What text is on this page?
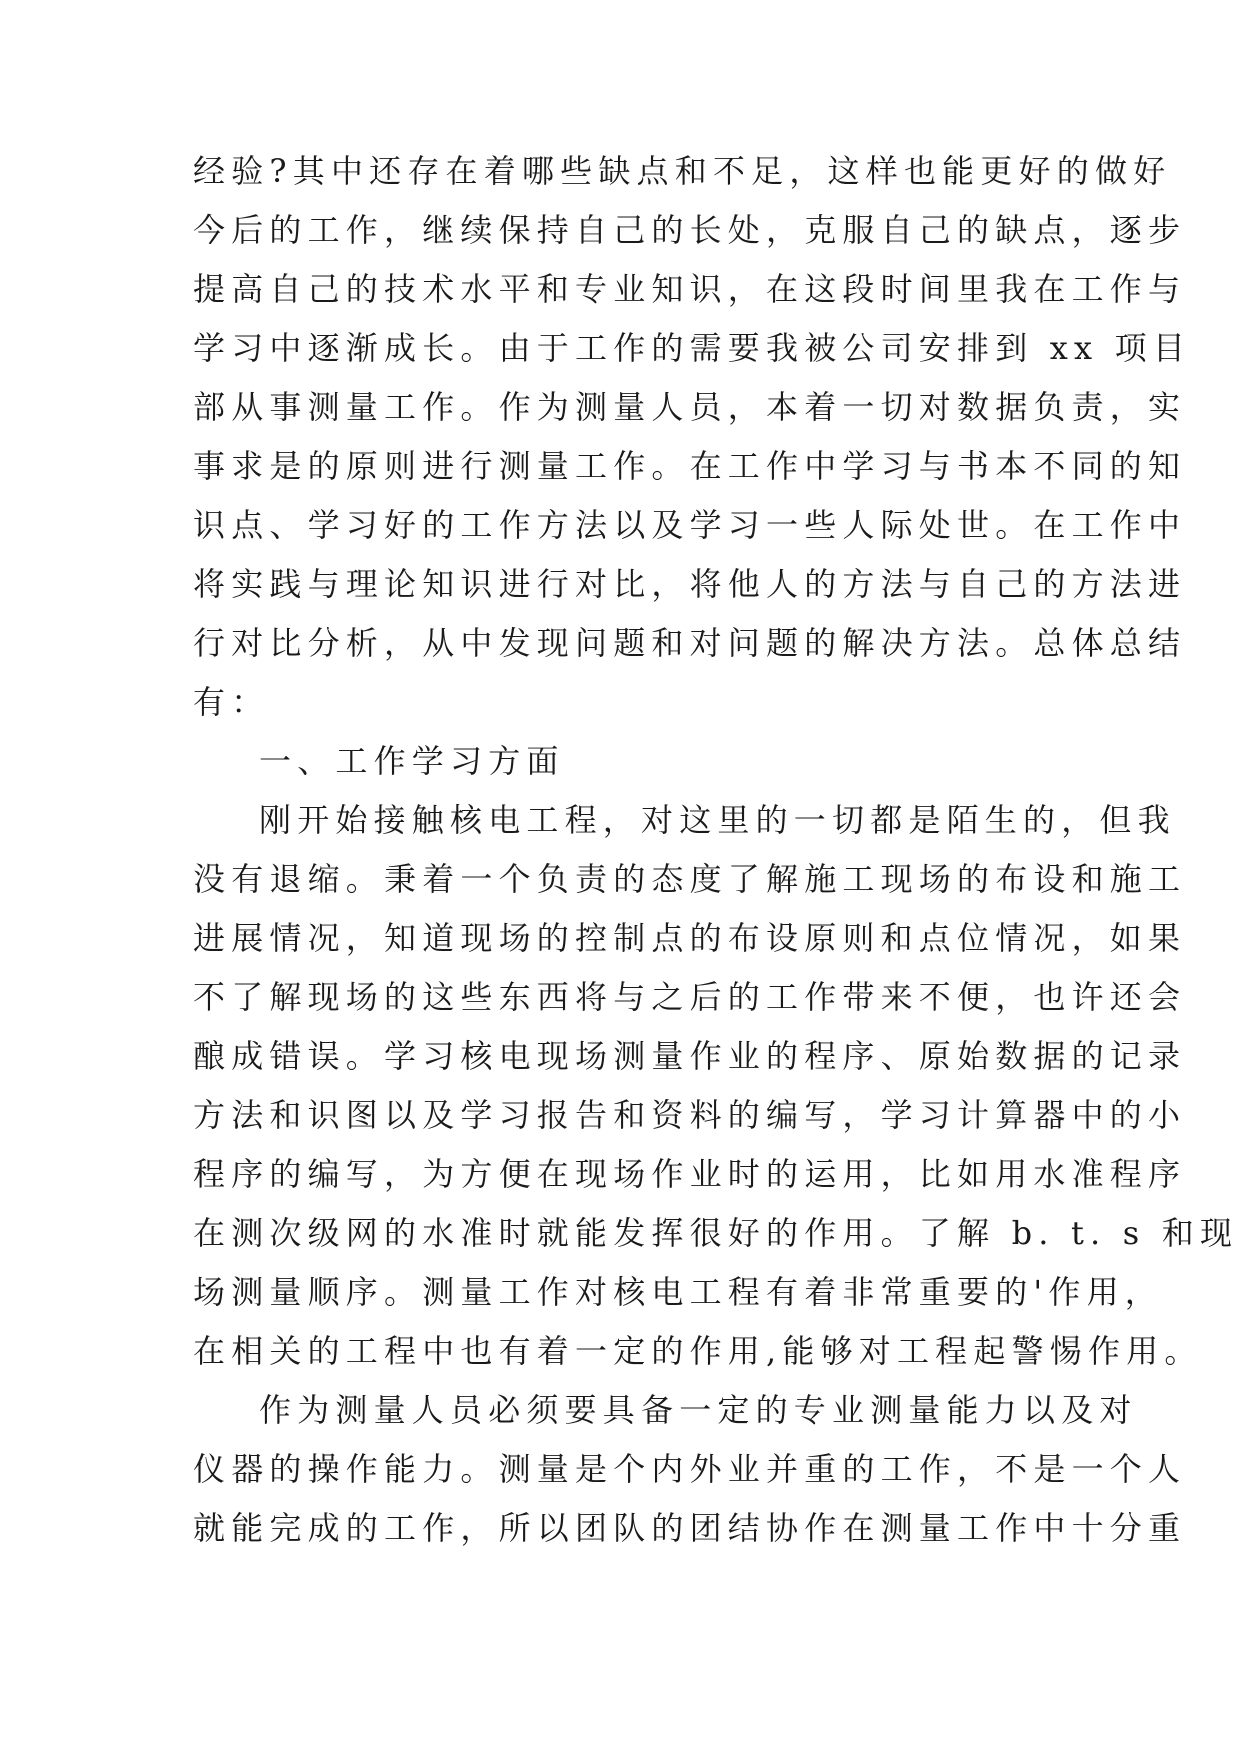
经验?其中还存在着哪些缺点和不足，这样也能更好的做好
今后的工作，继续保持自己的长处，克服自己的缺点，逐步
提高自己的技术水平和专业知识，在这段时间里我在工作与
学习中逐渐成长。由于工作的需要我被公司安排到 xx 项目
部从事测量工作。作为测量人员，本着一切对数据负责，实
事求是的原则进行测量工作。在工作中学习与书本不同的知
识点、学习好的工作方法以及学习一些人际处世。在工作中
将实践与理论知识进行对比，将他人的方法与自己的方法进
行对比分析，从中发现问题和对问题的解决方法。总体总结
有：
一、工作学习方面
刚开始接触核电工程，对这里的一切都是陌生的，但我
没有退缩。秉着一个负责的态度了解施工现场的布设和施工
进展情况，知道现场的控制点的布设原则和点位情况，如果
不了解现场的这些东西将与之后的工作带来不便，也许还会
酿成错误。学习核电现场测量作业的程序、原始数据的记录
方法和识图以及学习报告和资料的编写，学习计算器中的小
程序的编写，为方便在现场作业时的运用，比如用水准程序
在测次级网的水准时就能发挥很好的作用。了解 b. t. s 和现
场测量顺序。测量工作对核电工程有着非常重要的'作用，
在相关的工程中也有着一定的作用,能够对工程起警惕作用。
作为测量人员必须要具备一定的专业测量能力以及对
仪器的操作能力。测量是个内外业并重的工作，不是一个人
就能完成的工作，所以团队的团结协作在测量工作中十分重
